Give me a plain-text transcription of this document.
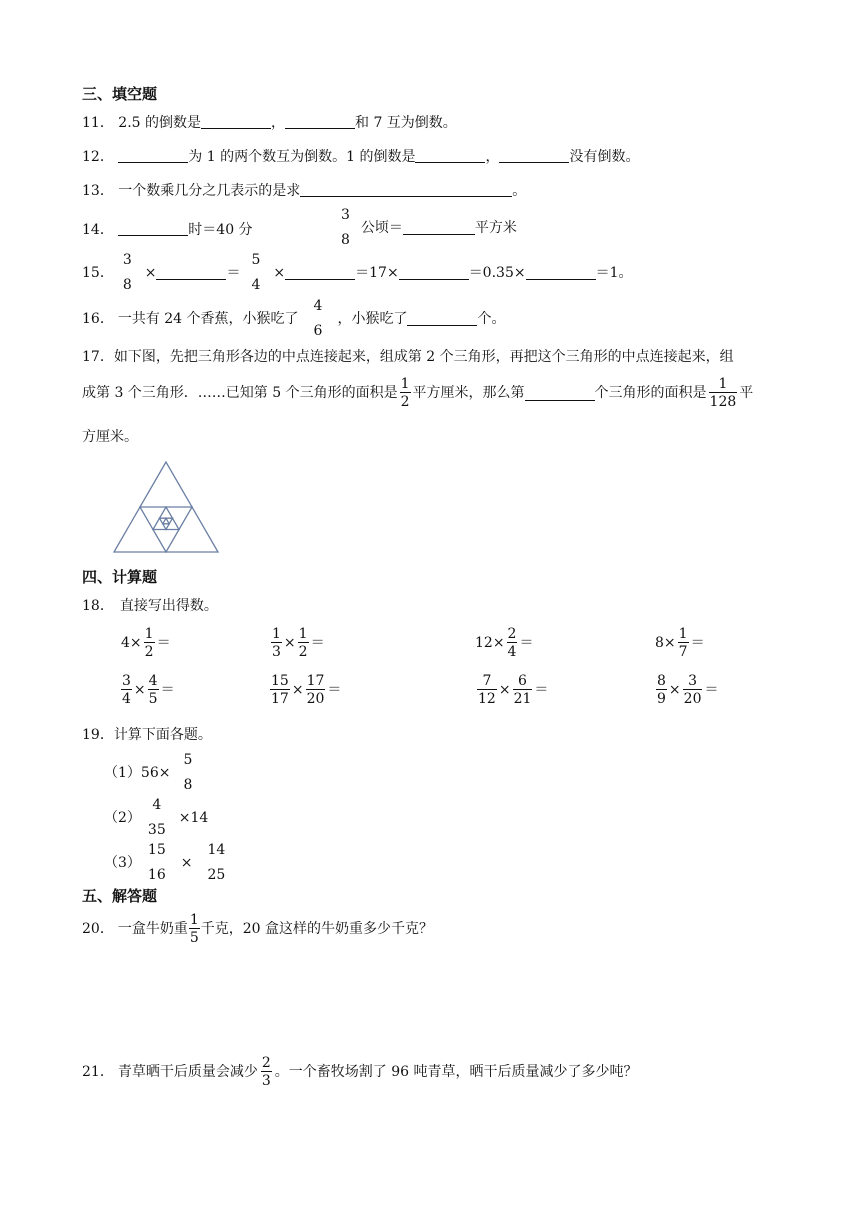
三、填空题
11． 2.5 的倒数是	，	和 7 互为倒数。
12．	为 1 的两个数互为倒数。1 的倒数是	，	没有倒数。
13． 一个数乘几分之几表示的是求	。
14．	时＝40 分
3
8
公顷＝	平方米
15．
3
8
×	＝
5
4
×	＝17×	＝0.35×	＝1。
16． 一共有 24 个香蕉，小猴吃了
4
6
，小猴吃了	个。
17．如下图，先把三角形各边的中点连接起来，组成第 2 个三角形，再把这个三角形的中点连接起来，组
成第 3 个三角形．……已知第 5 个三角形的面积是 $\frac{1}{2}$ 平方厘米，那么第	个三角形的面积是 $\frac{1}{128}$ 平
方厘米。
四、计算题
18． 直接写出得数。
$4\times \frac{1}{2}$ ＝	$\frac{1}{3} \times \frac{1}{2}$ ＝	$12\times \frac{2}{4}$ ＝	$8\times \frac{1}{7}$ ＝
$\frac{3}{4} \times \frac{4}{5}$ ＝	$\frac{15}{17} \times \frac{17}{20}$ ＝	$\frac{7}{12} \times \frac{6}{21}$ ＝	$\frac{8}{9} \times \frac{3}{20}$ ＝
19．计算下面各题。
（1）56×
5
8
（2）
4
35
×14
（3）
15
16
×
14
25
五、解答题
20． 一盒牛奶重 $\frac{1}{5}$ 千克，20 盒这样的牛奶重多少千克？
21． 青草晒干后质量会减少 $\frac{2}{3}$ 。一个畜牧场割了 96 吨青草，晒干后质量减少了多少吨？
